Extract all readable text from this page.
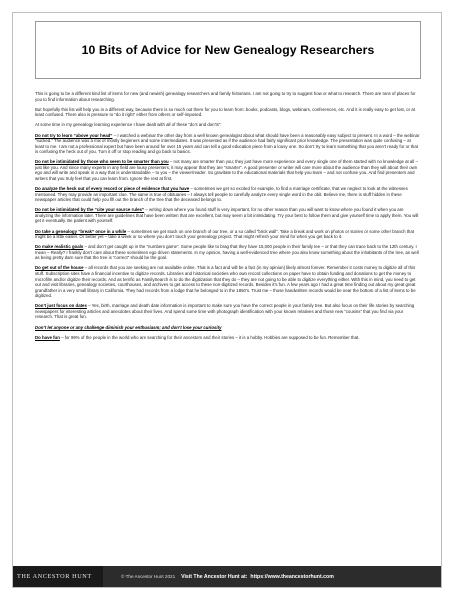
10 Bits of Advice for New Genealogy Researchers

This is going to be a different kind list of items for new (and newish) genealogy researchers and family historians. I am not going to try to suggest how or what to research. There are tons of places for you to find information about researching.

But hopefully this list will help you in a different way, because there is so much out there for you to learn from: books, podcasts, blogs, webinars, conferences, etc. And it is really easy to get lost, or at least confused. There also is pressure to “do it right” either from others or self-imposed.

At some time in my genealogy learning experience I have dealt with all of these “do’s and don’ts”:

Do not try to learn “above your head” – I watched a webinar the other day from a well known genealogist about what should have been a reasonably easy subject to present. In a word – the webinar “sucked.” The audience was a mix of mostly beginners and some intermediates. It was presented as if the audience had fairly significant prior knowledge. The presentation was quite confusing – at least to me. I am not a professional expert but have been around for over 15 years and can tell a good education piece from a lousy one. So don’t try to learn something that you aren’t ready for or that is confusing the heck out of you. Turn it off or stop reading and go back to basics.

Do not be intimidated by those who seem to be smarter than you – not many are smarter than you; they just have more experience and every single one of them started with no knowledge at all – just like you. And since many experts in any field are lousy presenters, it may appear that they are “smarter”. A good presenter or writer will care more about the audience than they will about their own ego and will write and speak in a way that is understandable – to you – the viewer/reader. So gravitate to the educational materials that help you learn – and not confuse you. And find presenters and writers that you truly feel that you can learn from. Ignore the rest at first.

Do analyze the heck out of every record or piece of evidence that you have – sometimes we get so excited for example, to find a marriage certificate, that we neglect to look at the witnesses mentioned. They may provide an important clue. The same is true of obituaries – I always tell people to carefully analyze every single word in the obit. Believe me, there is stuff hidden in these newspaper articles that could help you fill out the branch of the tree that the deceased belongs to.

Do not be intimidated by the “cite your source rules” – writing down where you found stuff is very important, for no other reason than you will want to know where you found it when you are analyzing the information later. There are guidelines that have been written that are excellent, but may seem a bit intimidating. Try your best to follow them and give yourself time to apply them. You will get it eventually. Be patient with yourself.

Do take a genealogy “break” once in a while – sometimes we get stuck on one branch of our tree, or a so called “brick wall”. Take a break and work on photos or stories or some other branch that might be a little easier. Or better yet – take a week or so where you don’t touch your genealogy project. That might refresh your mind for when you get back to it.

Do make realistic goals – and don’t get caught up in the “numbers game”. Some people like to brag that they have 15,000 people in their family tee – or that they can trace back to the 12th century. I mean – Really? I frankly don’t care about these sometimes ego driven statements. In my opinion, having a well-evidenced tree where you also know something about the inhabitants of the tree, as well as being pretty darn sure that the tree is “correct” should be the goal.

Do get out of the house – all records that you are seeking are not available online. That is a fact and will be a fact (in my opinion) likely almost forever. Remember it costs money to digitize all of this stuff. Subscription sites have a financial incentive to digitize records. Libraries and historical societies who own record collections on paper have to obtain funding and donations to get the money to microfilm and/or digitize their records. And as terrific as FamilySearch is to do the digitization that they do – they are not going to be able to digitize everything either. With this in mind, you need to get out and visit libraries, genealogy societies, courthouses, and archives to get access to these non-digitized records. Besides it’s fun. A few years ago I had a great time finding out about my great great grandfather in a very small library in California. They had records from a lodge that he belonged to in the 1850’s. Trust me – those handwritten records would be near the bottom of a list of items to be digitized.

Don’t just focus on dates – Yes, birth, marriage and death date information is important to make sure you have the correct people in your family tree. But also focus on their life stories by searching newspapers for interesting articles and anecdotes about their lives. And spend some time with photograph identification with your known relatives and those new “cousins” that you find via your research. That is great fun.

Don’t let anyone or any challenge diminish your enthusiasm; and don’t lose your curiosity

Do have fun – for 99% of the people in the world who are searching for their ancestors and their stories – it is a hobby. Hobbies are supposed to be fun. Remember that.

THE ANCESTOR HUNT	© The Ancestor Hunt 2021 Visit The Ancestor Hunt at: https://www.theancestorhunt.com
